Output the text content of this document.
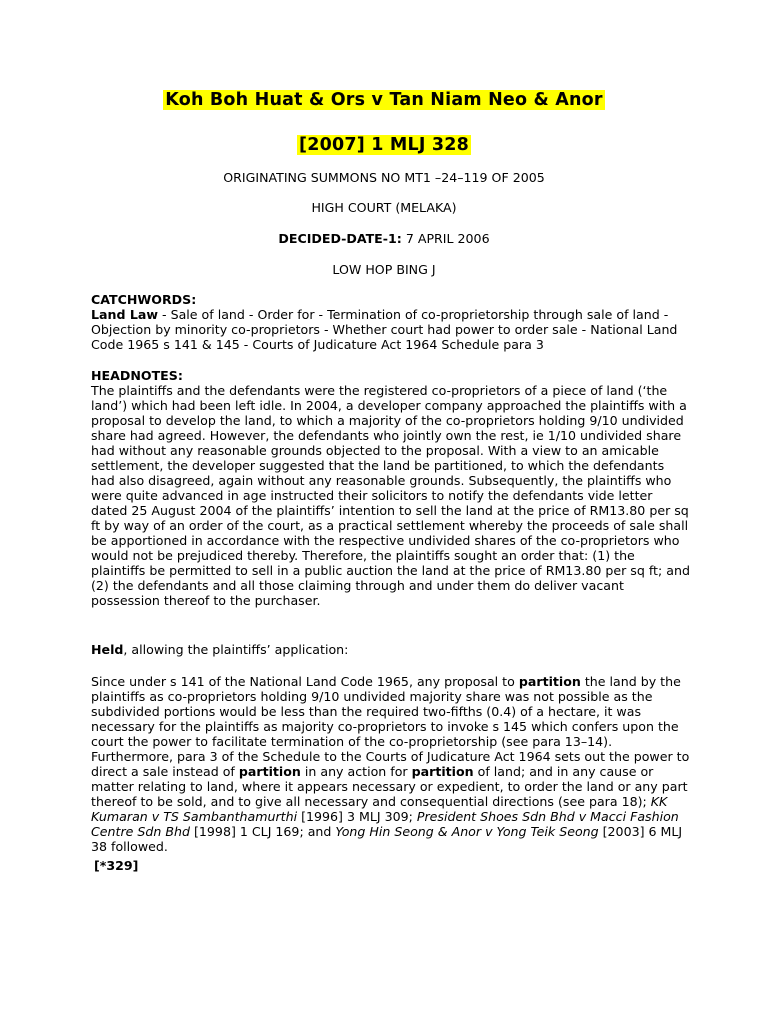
Koh Boh Huat & Ors v Tan Niam Neo & Anor
[2007] 1 MLJ 328
ORIGINATING SUMMONS NO MT1 –24–119 OF 2005
HIGH COURT (MELAKA)
DECIDED-DATE-1: 7 APRIL 2006
LOW HOP BING J

CATCHWORDS:

Land Law - Sale of land - Order for - Termination of co-proprietorship through sale of land - Objection by minority co-proprietors - Whether court had power to order sale - National Land Code 1965 s 141 & 145 - Courts of Judicature Act 1964 Schedule para 3

HEADNOTES:

The plaintiffs and the defendants were the registered co-proprietors of a piece of land (‘the land’) which had been left idle. In 2004, a developer company approached the plaintiffs with a proposal to develop the land, to which a majority of the co-proprietors holding 9/10 undivided share had agreed. However, the defendants who jointly own the rest, ie 1/10 undivided share had without any reasonable grounds objected to the proposal. With a view to an amicable settlement, the developer suggested that the land be partitioned, to which the defendants had also disagreed, again without any reasonable grounds. Subsequently, the plaintiffs who were quite advanced in age instructed their solicitors to notify the defendants vide letter dated 25 August 2004 of the plaintiffs’ intention to sell the land at the price of RM13.80 per sq ft by way of an order of the court, as a practical settlement whereby the proceeds of sale shall be apportioned in accordance with the respective undivided shares of the co-proprietors who would not be prejudiced thereby. Therefore, the plaintiffs sought an order that: (1) the plaintiffs be permitted to sell in a public auction the land at the price of RM13.80 per sq ft; and (2) the defendants and all those claiming through and under them do deliver vacant possession thereof to the purchaser.

Held, allowing the plaintiffs’ application:

Since under s 141 of the National Land Code 1965, any proposal to partition the land by the plaintiffs as co-proprietors holding 9/10 undivided majority share was not possible as the subdivided portions would be less than the required two-fifths (0.4) of a hectare, it was necessary for the plaintiffs as majority co-proprietors to invoke s 145 which confers upon the court the power to facilitate termination of the co-proprietorship (see para 13–14). Furthermore, para 3 of the Schedule to the Courts of Judicature Act 1964 sets out the power to direct a sale instead of partition in any action for partition of land; and in any cause or matter relating to land, where it appears necessary or expedient, to order the land or any part thereof to be sold, and to give all necessary and consequential directions (see para 18); KK Kumaran v TS Sambanthamurthi [1996] 3 MLJ 309; President Shoes Sdn Bhd v Macci Fashion Centre Sdn Bhd [1998] 1 CLJ 169; and Yong Hin Seong & Anor v Yong Teik Seong [2003] 6 MLJ 38 followed.

[*329]
